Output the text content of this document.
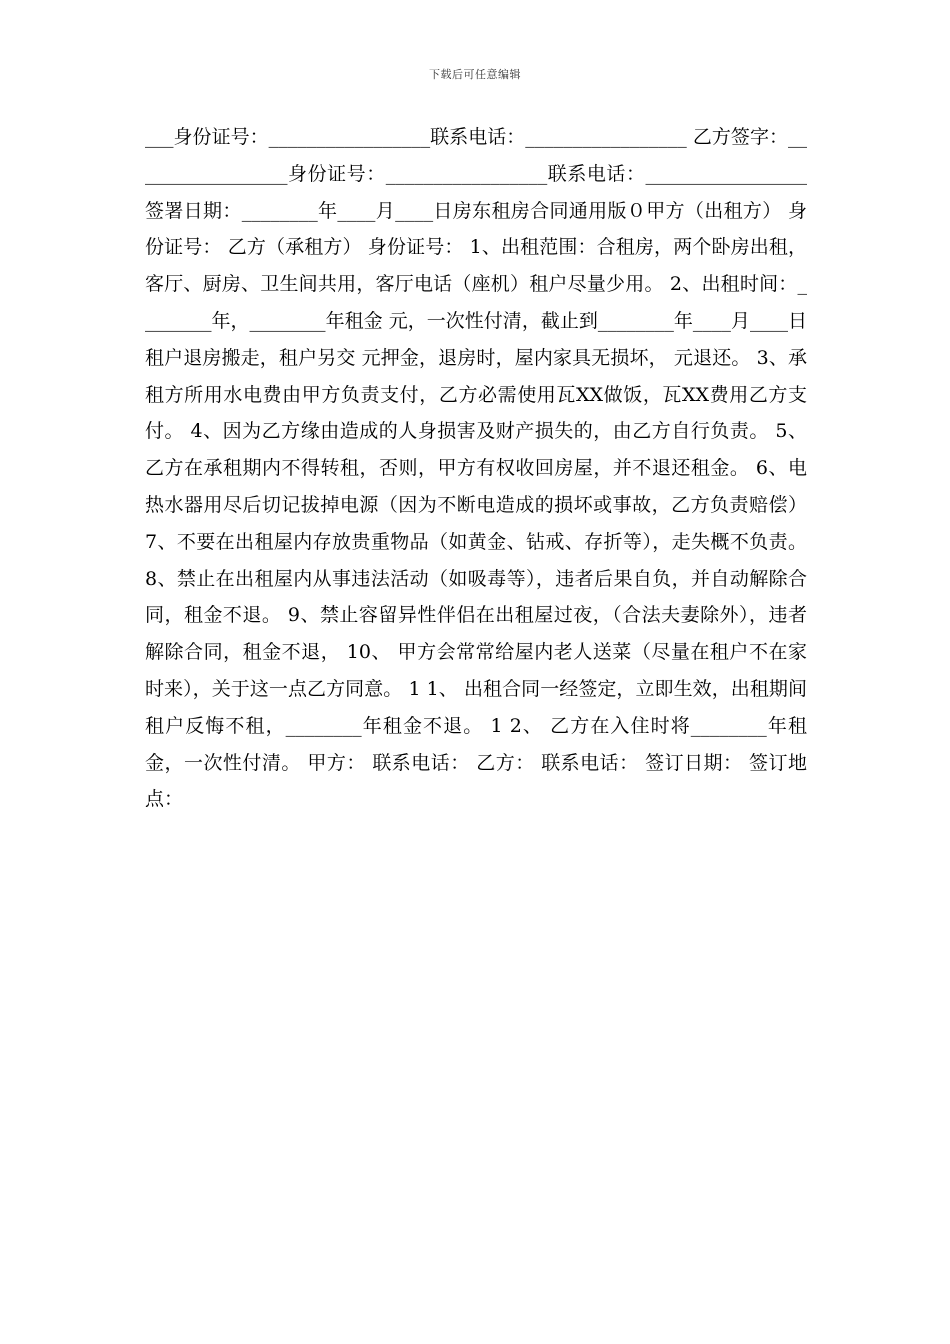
下载后可任意编辑
___身份证号：_________________联系电话：_________________ 乙方签字：_________________身份证号：_________________联系电话：_________________ 签署日期：________年____月____日房东租房合同通用版０甲方（出租方） 身份证号： 乙方（承租方） 身份证号： 1、出租范围：合租房，两个卧房出租，客厅、厨房、卫生间共用，客厅电话（座机）租户尽量少用。 2、出租时间：________年，________年租金 元，一次性付清，截止到________年____月____日租户退房搬走，租户另交 元押金，退房时，屋内家具无损坏， 元退还。 3、承租方所用水电费由甲方负责支付，乙方必需使用瓦XX做饭，瓦XX费用乙方支付。 4、因为乙方缘由造成的人身损害及财产损失的，由乙方自行负责。 5、乙方在承租期内不得转租，否则，甲方有权收回房屋，并不退还租金。 6、电热水器用尽后切记拔掉电源（因为不断电造成的损坏或事故，乙方负责赔偿） 7、不要在出租屋内存放贵重物品（如黄金、钻戒、存折等），走失概不负责。 8、禁止在出租屋内从事违法活动（如吸毒等），违者后果自负，并自动解除合同，租金不退。 9、禁止容留异性伴侣在出租屋过夜，（合法夫妻除外），违者解除合同，租金不退， 10、 甲方会常常给屋内老人送菜（尽量在租户不在家时来），关于这一点乙方同意。 1 1、 出租合同一经签定，立即生效，出租期间租户反悔不租，________年租金不退。 1 2、 乙方在入住时将________年租金，一次性付清。 甲方： 联系电话： 乙方： 联系电话： 签订日期： 签订地点：
